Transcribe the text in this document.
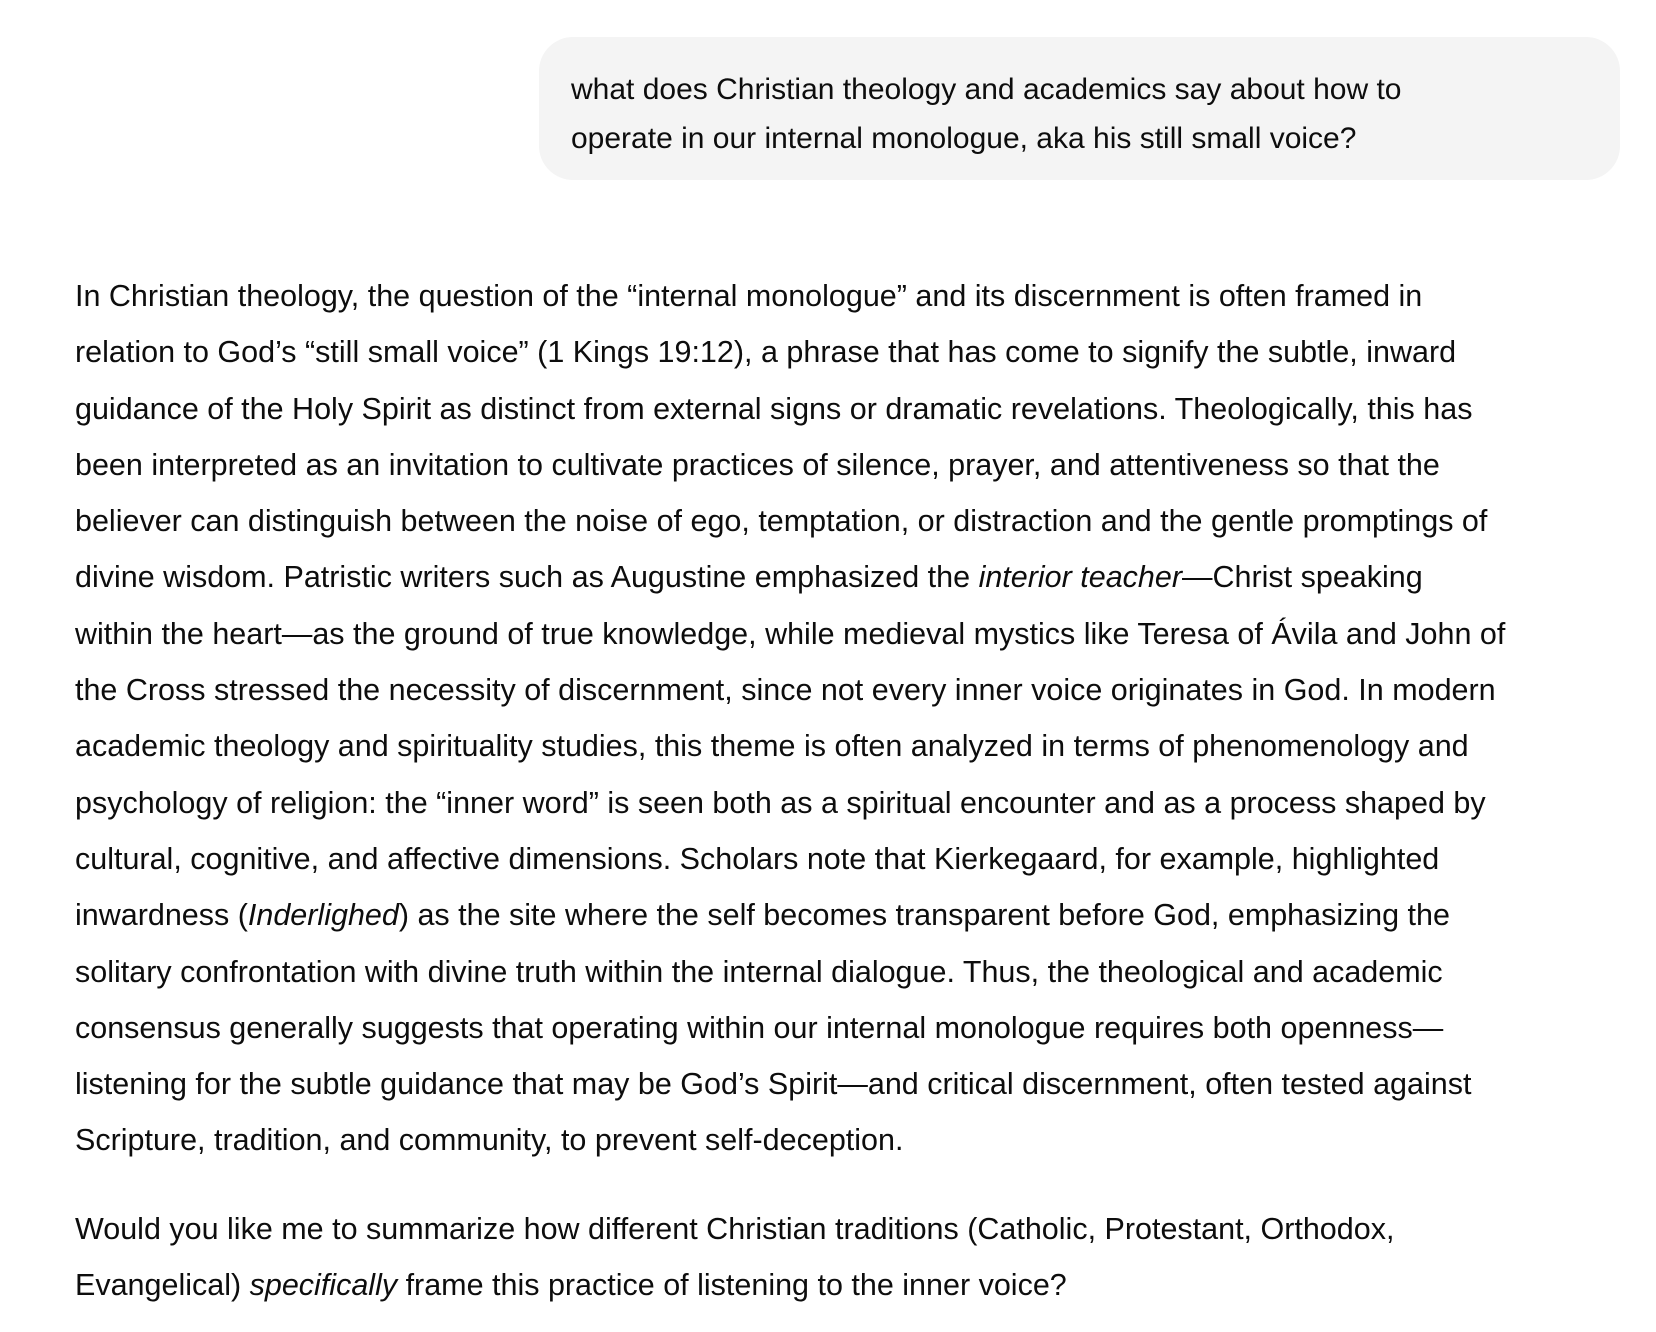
what does Christian theology and academics say about how to
operate in our internal monologue, aka his still small voice?

In Christian theology, the question of the “internal monologue” and its discernment is often framed in
relation to God’s “still small voice” (1 Kings 19:12), a phrase that has come to signify the subtle, inward
guidance of the Holy Spirit as distinct from external signs or dramatic revelations. Theologically, this has
been interpreted as an invitation to cultivate practices of silence, prayer, and attentiveness so that the
believer can distinguish between the noise of ego, temptation, or distraction and the gentle promptings of
divine wisdom. Patristic writers such as Augustine emphasized the interior teacher—Christ speaking
within the heart—as the ground of true knowledge, while medieval mystics like Teresa of Ávila and John of
the Cross stressed the necessity of discernment, since not every inner voice originates in God. In modern
academic theology and spirituality studies, this theme is often analyzed in terms of phenomenology and
psychology of religion: the “inner word” is seen both as a spiritual encounter and as a process shaped by
cultural, cognitive, and affective dimensions. Scholars note that Kierkegaard, for example, highlighted
inwardness (Inderlighed) as the site where the self becomes transparent before God, emphasizing the
solitary confrontation with divine truth within the internal dialogue. Thus, the theological and academic
consensus generally suggests that operating within our internal monologue requires both openness—
listening for the subtle guidance that may be God’s Spirit—and critical discernment, often tested against
Scripture, tradition, and community, to prevent self-deception.

Would you like me to summarize how different Christian traditions (Catholic, Protestant, Orthodox,
Evangelical) specifically frame this practice of listening to the inner voice?
